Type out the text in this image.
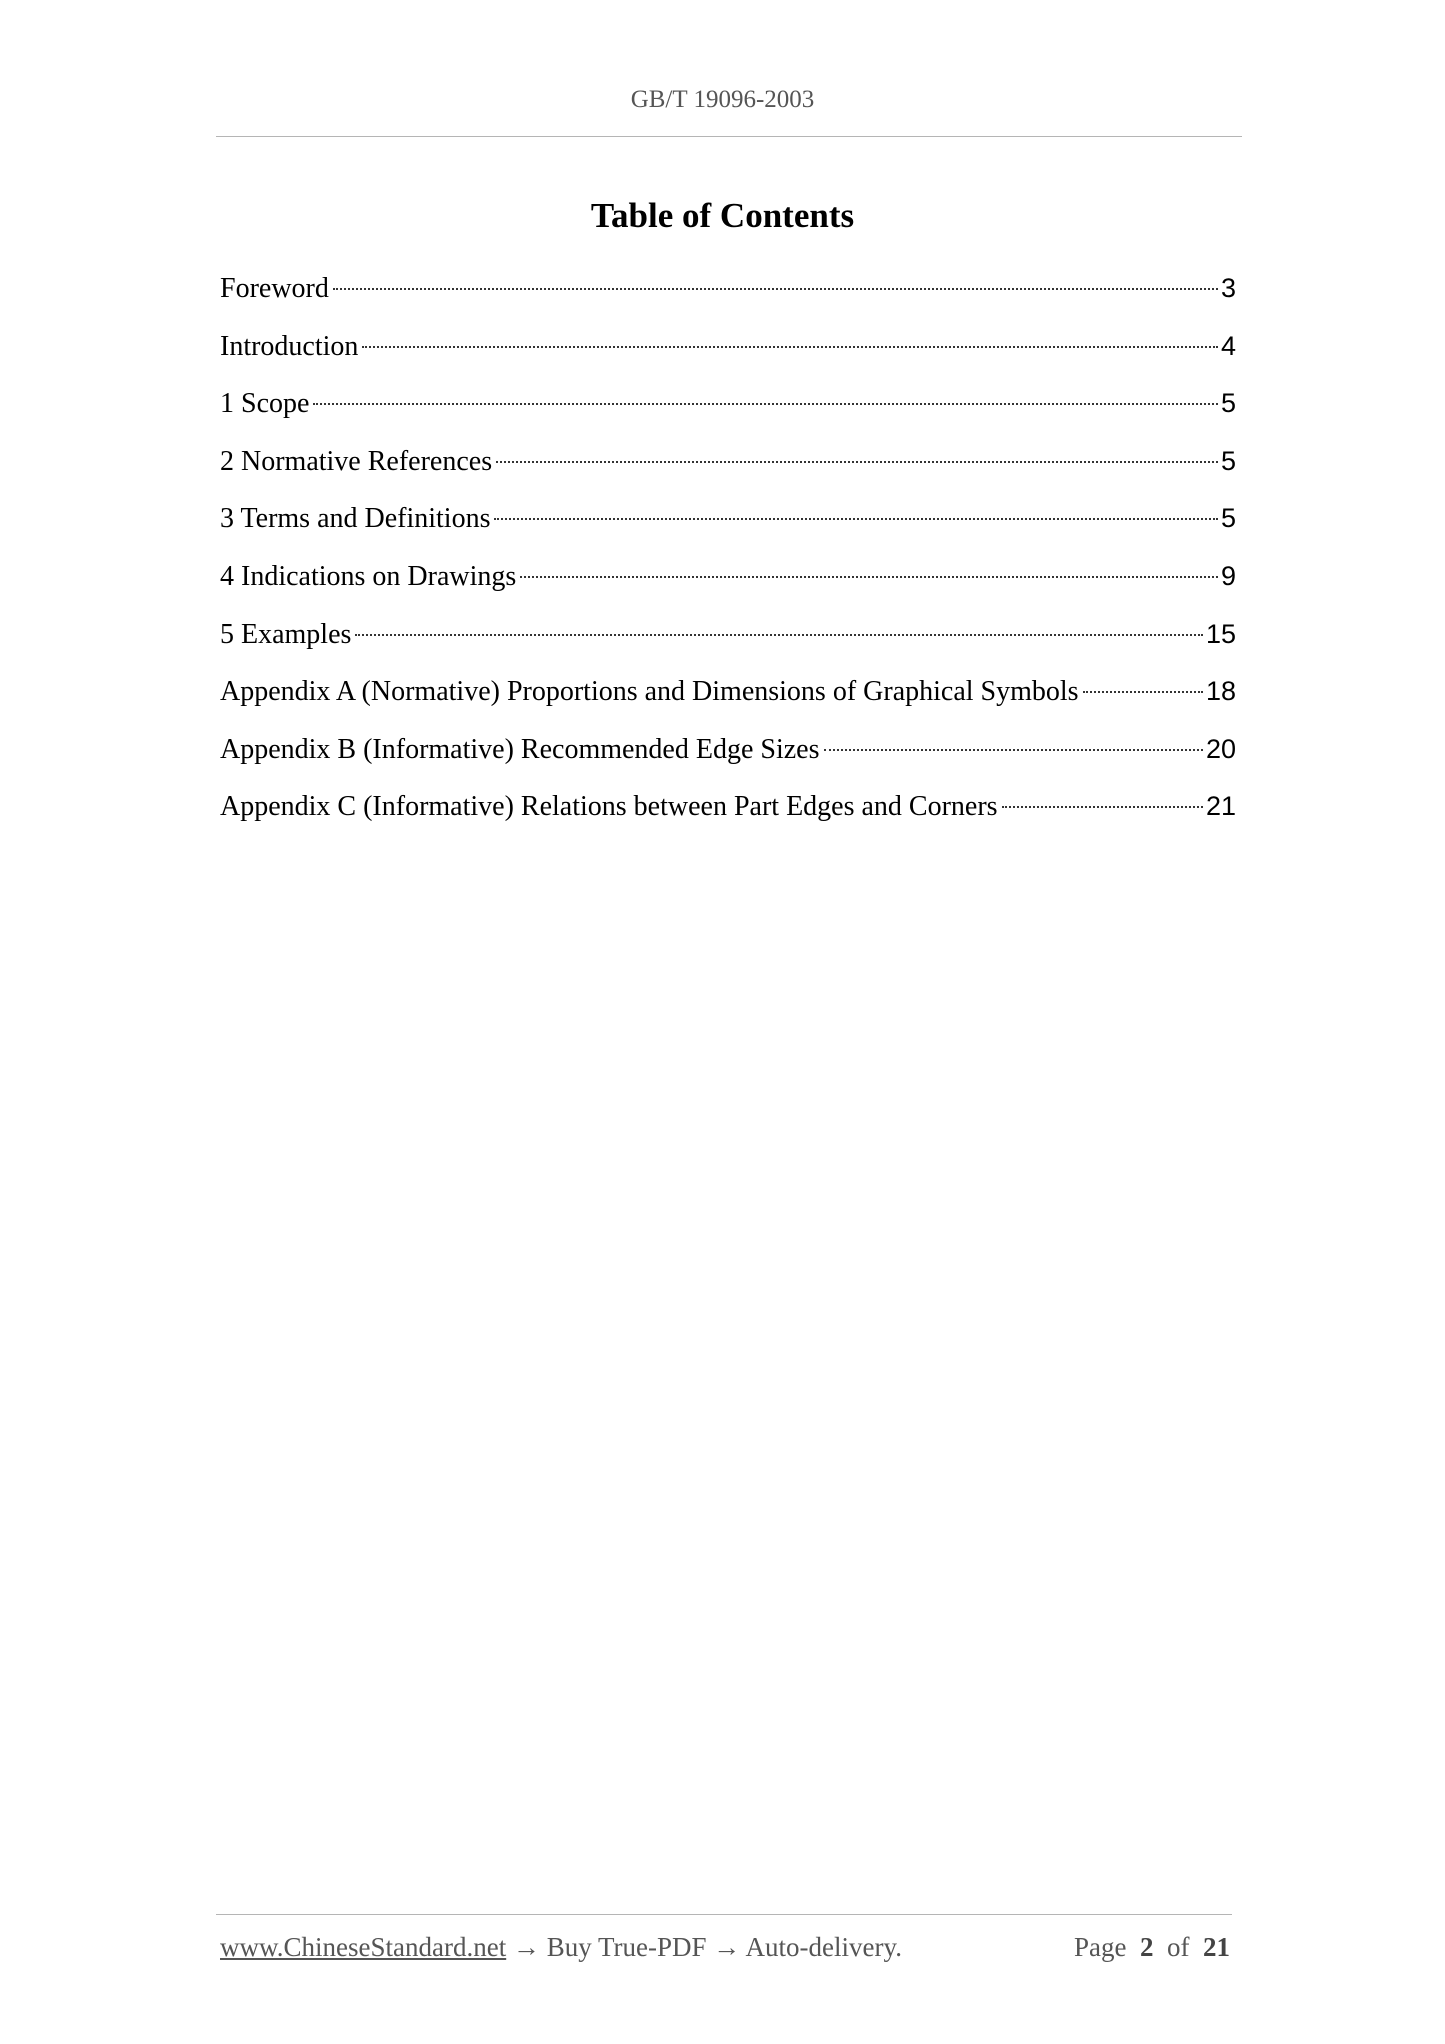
GB/T 19096-2003
Table of Contents
Foreword	3
Introduction	4
1 Scope	5
2 Normative References	5
3 Terms and Definitions	5
4 Indications on Drawings	9
5 Examples	15
Appendix A (Normative) Proportions and Dimensions of Graphical Symbols	18
Appendix B (Informative) Recommended Edge Sizes	20
Appendix C (Informative) Relations between Part Edges and Corners	21
www.ChineseStandard.net → Buy True-PDF → Auto-delivery.	Page 2 of 21
